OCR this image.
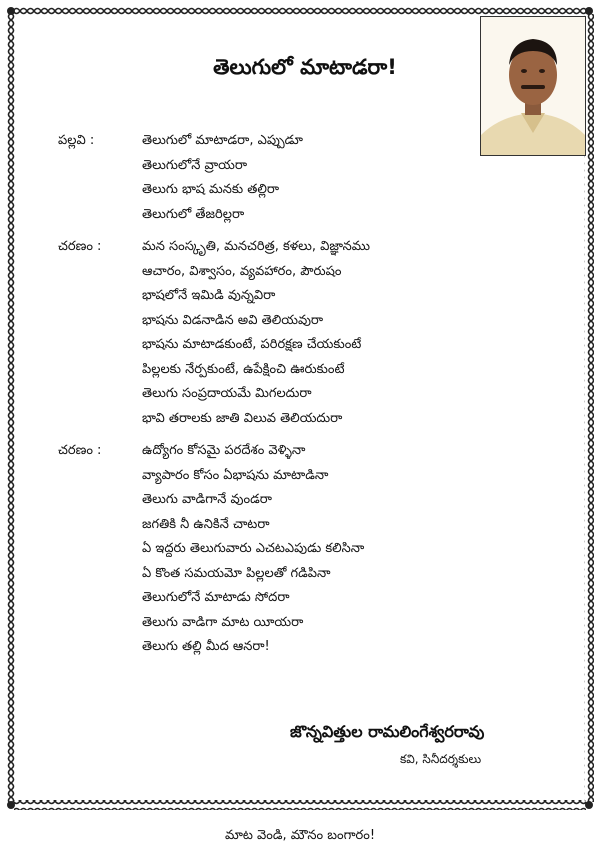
తెలుగులో మాటాడరా!
పల్లవి :	తెలుగులో మాటాడరా, ఎప్పుడూ
తెలుగులోనే వ్రాయరా
తెలుగు భాష మనకు తల్లిరా
తెలుగులో తేజరిల్లరా
చరణం :	మన సంస్కృతి, మనచరిత్ర, కళలు, విజ్ఞానము
ఆచారం, విశ్వాసం, వ్యవహారం, పౌరుషం
భాషలోనే ఇమిడి వున్నవిరా
భాషను విడనాడిన అవి తెలియవురా
భాషను మాటాడకుంటే, పరిరక్షణ చేయకుంటే
పిల్లలకు నేర్పకుంటే, ఉపేక్షించి ఊరుకుంటే
తెలుగు సంప్రదాయమే మిగలదురా
భావి తరాలకు జాతి విలువ తెలియదురా
చరణం :	ఉద్యోగం కోసమై పరదేశం వెళ్ళినా
వ్యాపారం కోసం ఏభాషను మాటాడినా
తెలుగు వాడిగానే వుండరా
జగతికి నీ ఉనికినే చాటరా
ఏ ఇద్దరు తెలుగువారు ఎచటఎపుడు కలిసినా
ఏ కొంత సమయమో పిల్లలతో గడిపినా
తెలుగులోనే మాటాడు సోదరా
తెలుగు వాడిగా మాట యీయరా
తెలుగు తల్లి మీద ఆనరా!
జొన్నవిత్తుల రామలింగేశ్వరరావు
కవి, సినీదర్శకులు
మాట వెండి, మౌనం బంగారం!
